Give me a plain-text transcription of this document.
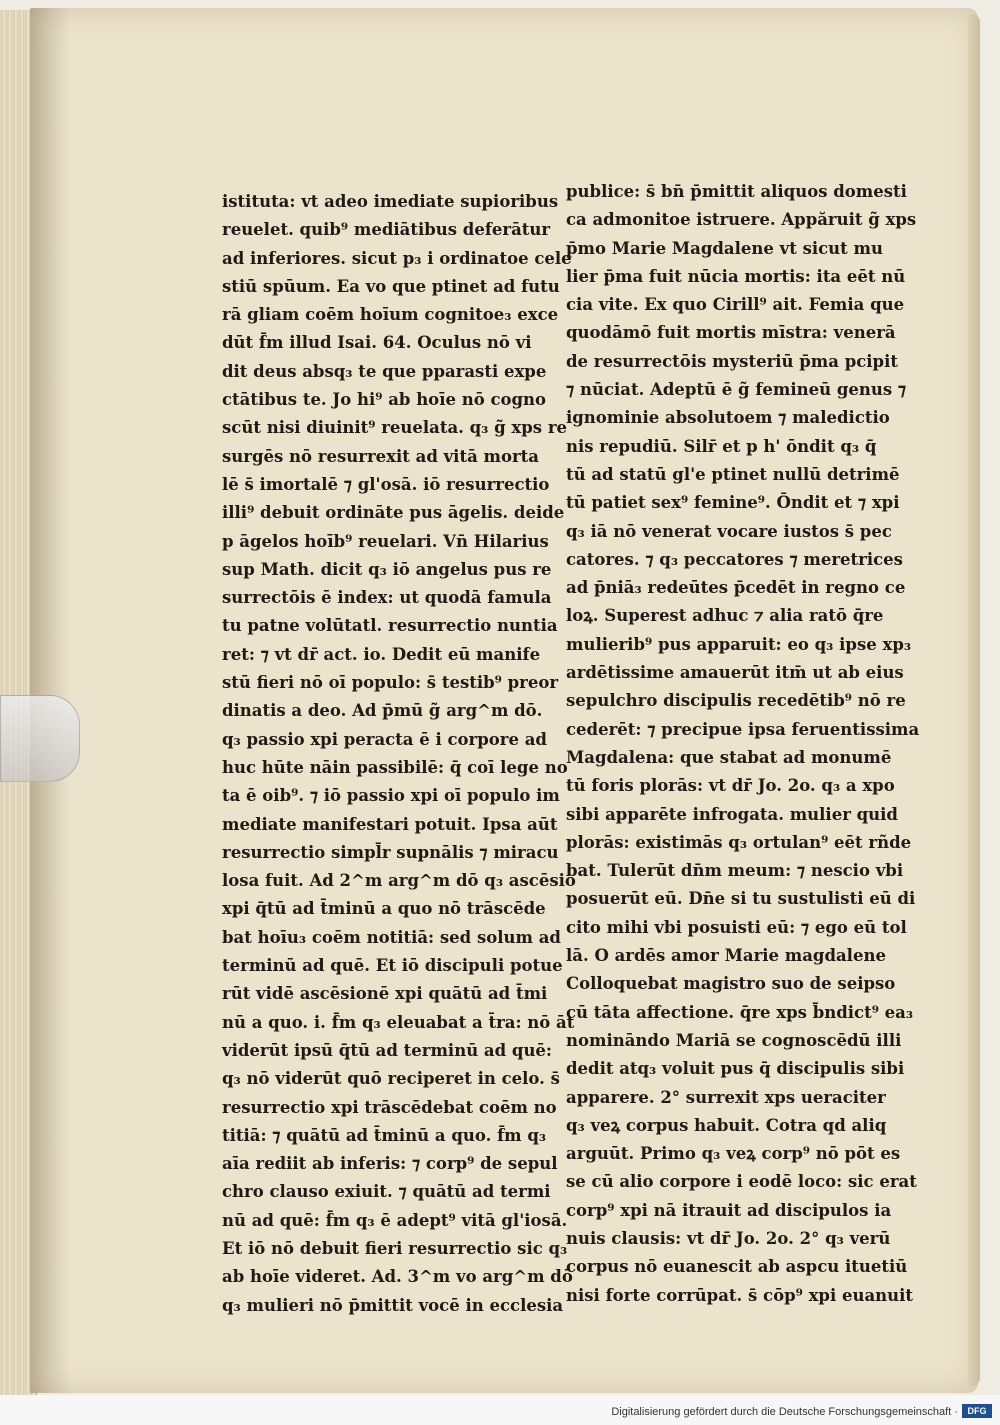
istituta: vt adeo imediate supioribus
reuelet. quib⁹ mediātibus deferātur
ad inferiores. sicut p₃ i ordinatoe cele
stiū spūum. Ea vo que ptinet ad futu
rā gliam coēm hoīum cognitoe₃ exce
dūt f̄m illud Isai. 64. Oculus nō vi
dit deus absq₃ te que pparasti expe
ctātibus te. Jo hi⁹ ab hoīe nō cogno
scūt nisi diuinit⁹ reuelata. q₃ g̃ xps re
surgēs nō resurrexit ad vitā morta
lē s̄ imortalē ⁊ gl'osā. iō resurrectio
illi⁹ debuit ordināte pus āgelis. deide
p āgelos hoīb⁹ reuelari. Vn̄ Hilarius
sup Math. dicit q₃ iō angelus pus re
surrectōis ē index: ut quodā famula
tu patne volūtatl. resurrectio nuntia
ret: ⁊ vt dr̄ act. io. Dedit eū manife
stū fieri nō oī populo: s̄ testib⁹ preor
dinatis a deo. Ad p̄mū g̃ arg^m dō.
q₃ passio xpi peracta ē i corpore ad
huc hūte nāin passibilē: q̄ coī lege no
ta ē oib⁹. ⁊ iō passio xpi oī populo im
mediate manifestari potuit. Ipsa aūt
resurrectio simpl̄r supnālis ⁊ miracu
losa fuit. Ad 2^m arg^m dō q₃ ascēsio
xpi q̄tū ad t̄minū a quo nō trāscēde
bat hoīu₃ coēm notitiā: sed solum ad
terminū ad quē. Et iō discipuli potue
rūt vidē ascēsionē xpi quātū ad t̄mi
nū a quo. i. f̄m q₃ eleuabat a t̄ra: nō āt
viderūt ipsū q̄tū ad terminū ad quē:
q₃ nō viderūt quō reciperet in celo. s̄
resurrectio xpi trāscēdebat coēm no
titiā: ⁊ quātū ad t̄minū a quo. f̄m q₃
aīa rediit ab inferis: ⁊ corp⁹ de sepul
chro clauso exiuit. ⁊ quātū ad termi
nū ad quē: f̄m q₃ ē adept⁹ vitā gl'iosā.
Et iō nō debuit fieri resurrectio sic q₃
ab hoīe videret. Ad. 3^m vo arg^m dō
q₃ mulieri nō p̄mittit vocē in ecclesia
publice: s̄ bn̄ p̄mittit aliquos domesti
ca admonitoe istruere. Appăruit g̃ xps
p̄mo Marie Magdalene vt sicut mu
lier p̄ma fuit nūcia mortis: ita eēt nū
cia vite. Ex quo Cirill⁹ ait. Femia que
quodāmō fuit mortis mīstra: venerā
de resurrectōis mysteriū p̄ma pcipit
⁊ nūciat. Adeptū ē g̃ femineū genus ⁊
ignominie absolutoem ⁊ maledictio
nis repudiū. Silr̄ et p h' ōndit q₃ q̄
tū ad statū gl'e ptinet nullū detrimē
tū patiet sex⁹ femine⁹. Ōndit et ⁊ xpi
q₃ iā nō venerat vocare iustos s̄ pec
catores. ⁊ q₃ peccatores ⁊ meretrices
ad p̄niā₃ redeūtes p̄cedēt in regno ce
loꝝ. Superest adhuc ⁊ alia ratō q̄re
mulierib⁹ pus apparuit: eo q₃ ipse xp₃
ardētissime amauerūt itm̄ ut ab eius
sepulchro discipulis recedētib⁹ nō re
cederēt: ⁊ precipue ipsa feruentissima
Magdalena: que stabat ad monumē
tū foris plorās: vt dr̄ Jo. 2o. q₃ a xpo
sibi apparēte infrogata. mulier quid
plorās: existimās q₃ ortulan⁹ eēt rñde
bat. Tulerūt dn̄m meum: ⁊ nescio vbi
posuerūt eū. Dn̄e si tu sustulisti eū di
cito mihi vbi posuisti eū: ⁊ ego eū tol
lā. O ardēs amor Marie magdalene
Colloquebat magistro suo de seipso
cū tāta affectione. q̄re xps b̄ndict⁹ ea₃
nomināndo Mariā se cognoscēdū illi
dedit atq₃ voluit pus q̄ discipulis sibi
apparere. 2° surrexit xps ueraciter
q₃ veꝝ corpus habuit. Cotra qd aliq
arguūt. Primo q₃ veꝝ corp⁹ nō pōt es
se cū alio corpore i eodē loco: sic erat
corp⁹ xpi nā itrauit ad discipulos ia
nuis clausis: vt dr̄ Jo. 2o. 2° q₃ verū
corpus nō euanescit ab aspcu ituetiū
nisi forte corrūpat. s̄ cōp⁹ xpi euanuit
Digitalisierung gefördert durch die Deutsche Forschungsgemeinschaft ·	DFG
